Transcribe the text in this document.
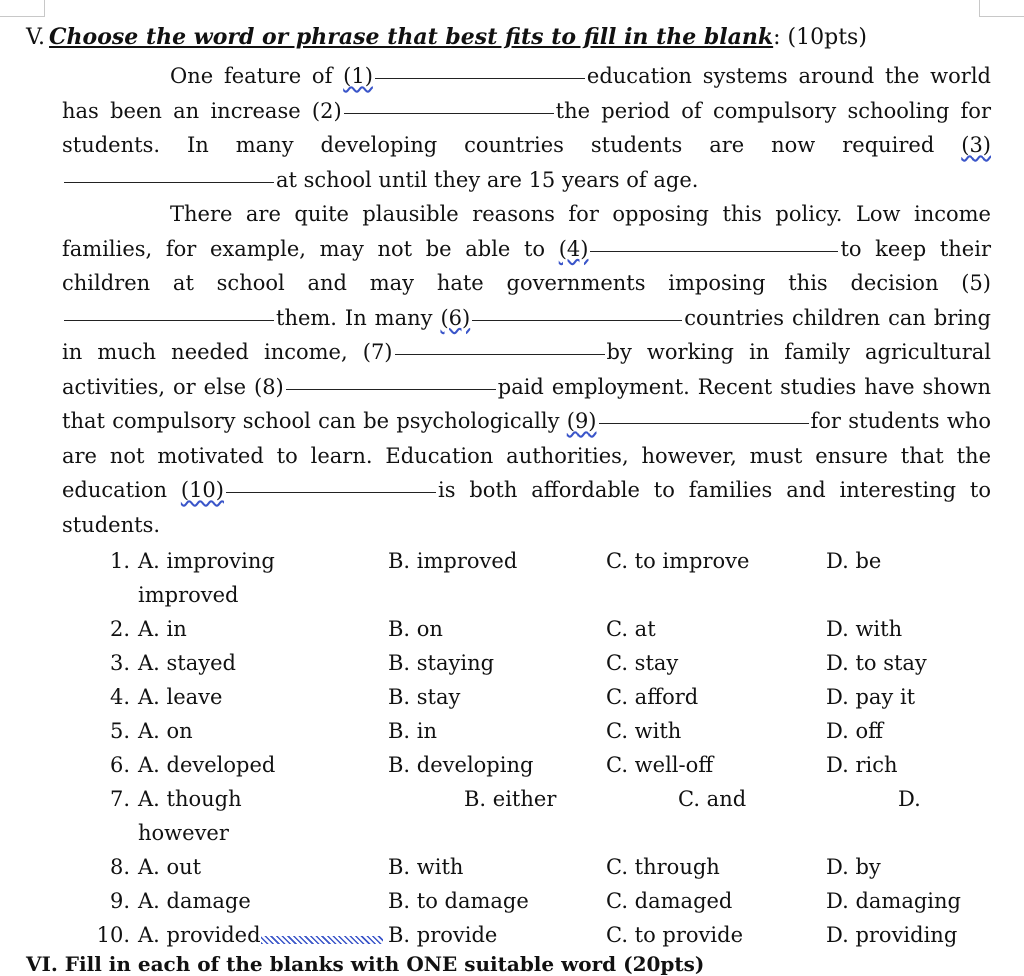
V. Choose the word or phrase that best fits to fill in the blank: (10pts)

One feature of (1)	education systems around the world has been an increase (2)	the period of compulsory schooling for students. In many developing countries students are now required (3)at school until they are 15 years of age.

There are quite plausible reasons for opposing this policy. Low income families, for example, may not be able to (4)	to keep their children at school and may hate governments imposing this decision (5)them. In many (6)	countries children can bring in much needed income, (7)	by working in family agricultural activities, or else (8)	paid employment. Recent studies have shown that compulsory school can be psychologically (9)	for students who are not motivated to learn. Education authorities, however, must ensure that the education (10)	is both affordable to families and interesting to students.

1. A. improving	B. improved	C. to improve	D. be
improved
2. A. in	B. on	C. at	D. with
3. A. stayed	B. staying	C. stay	D. to stay
4. A. leave	B. stay	C. afford	D. pay it
5. A. on	B. in	C. with	D. off
6. A. developed	B. developing	C. well-off	D. rich
7. A. though	B. either	C. and	D.
however
8. A. out	B. with	C. through	D. by
9. A. damage	B. to damage	C. damaged	D. damaging
10. A. provided	B. provide	C. to provide	D. providing
VI. Fill in each of the blanks with ONE suitable word (20pts)
